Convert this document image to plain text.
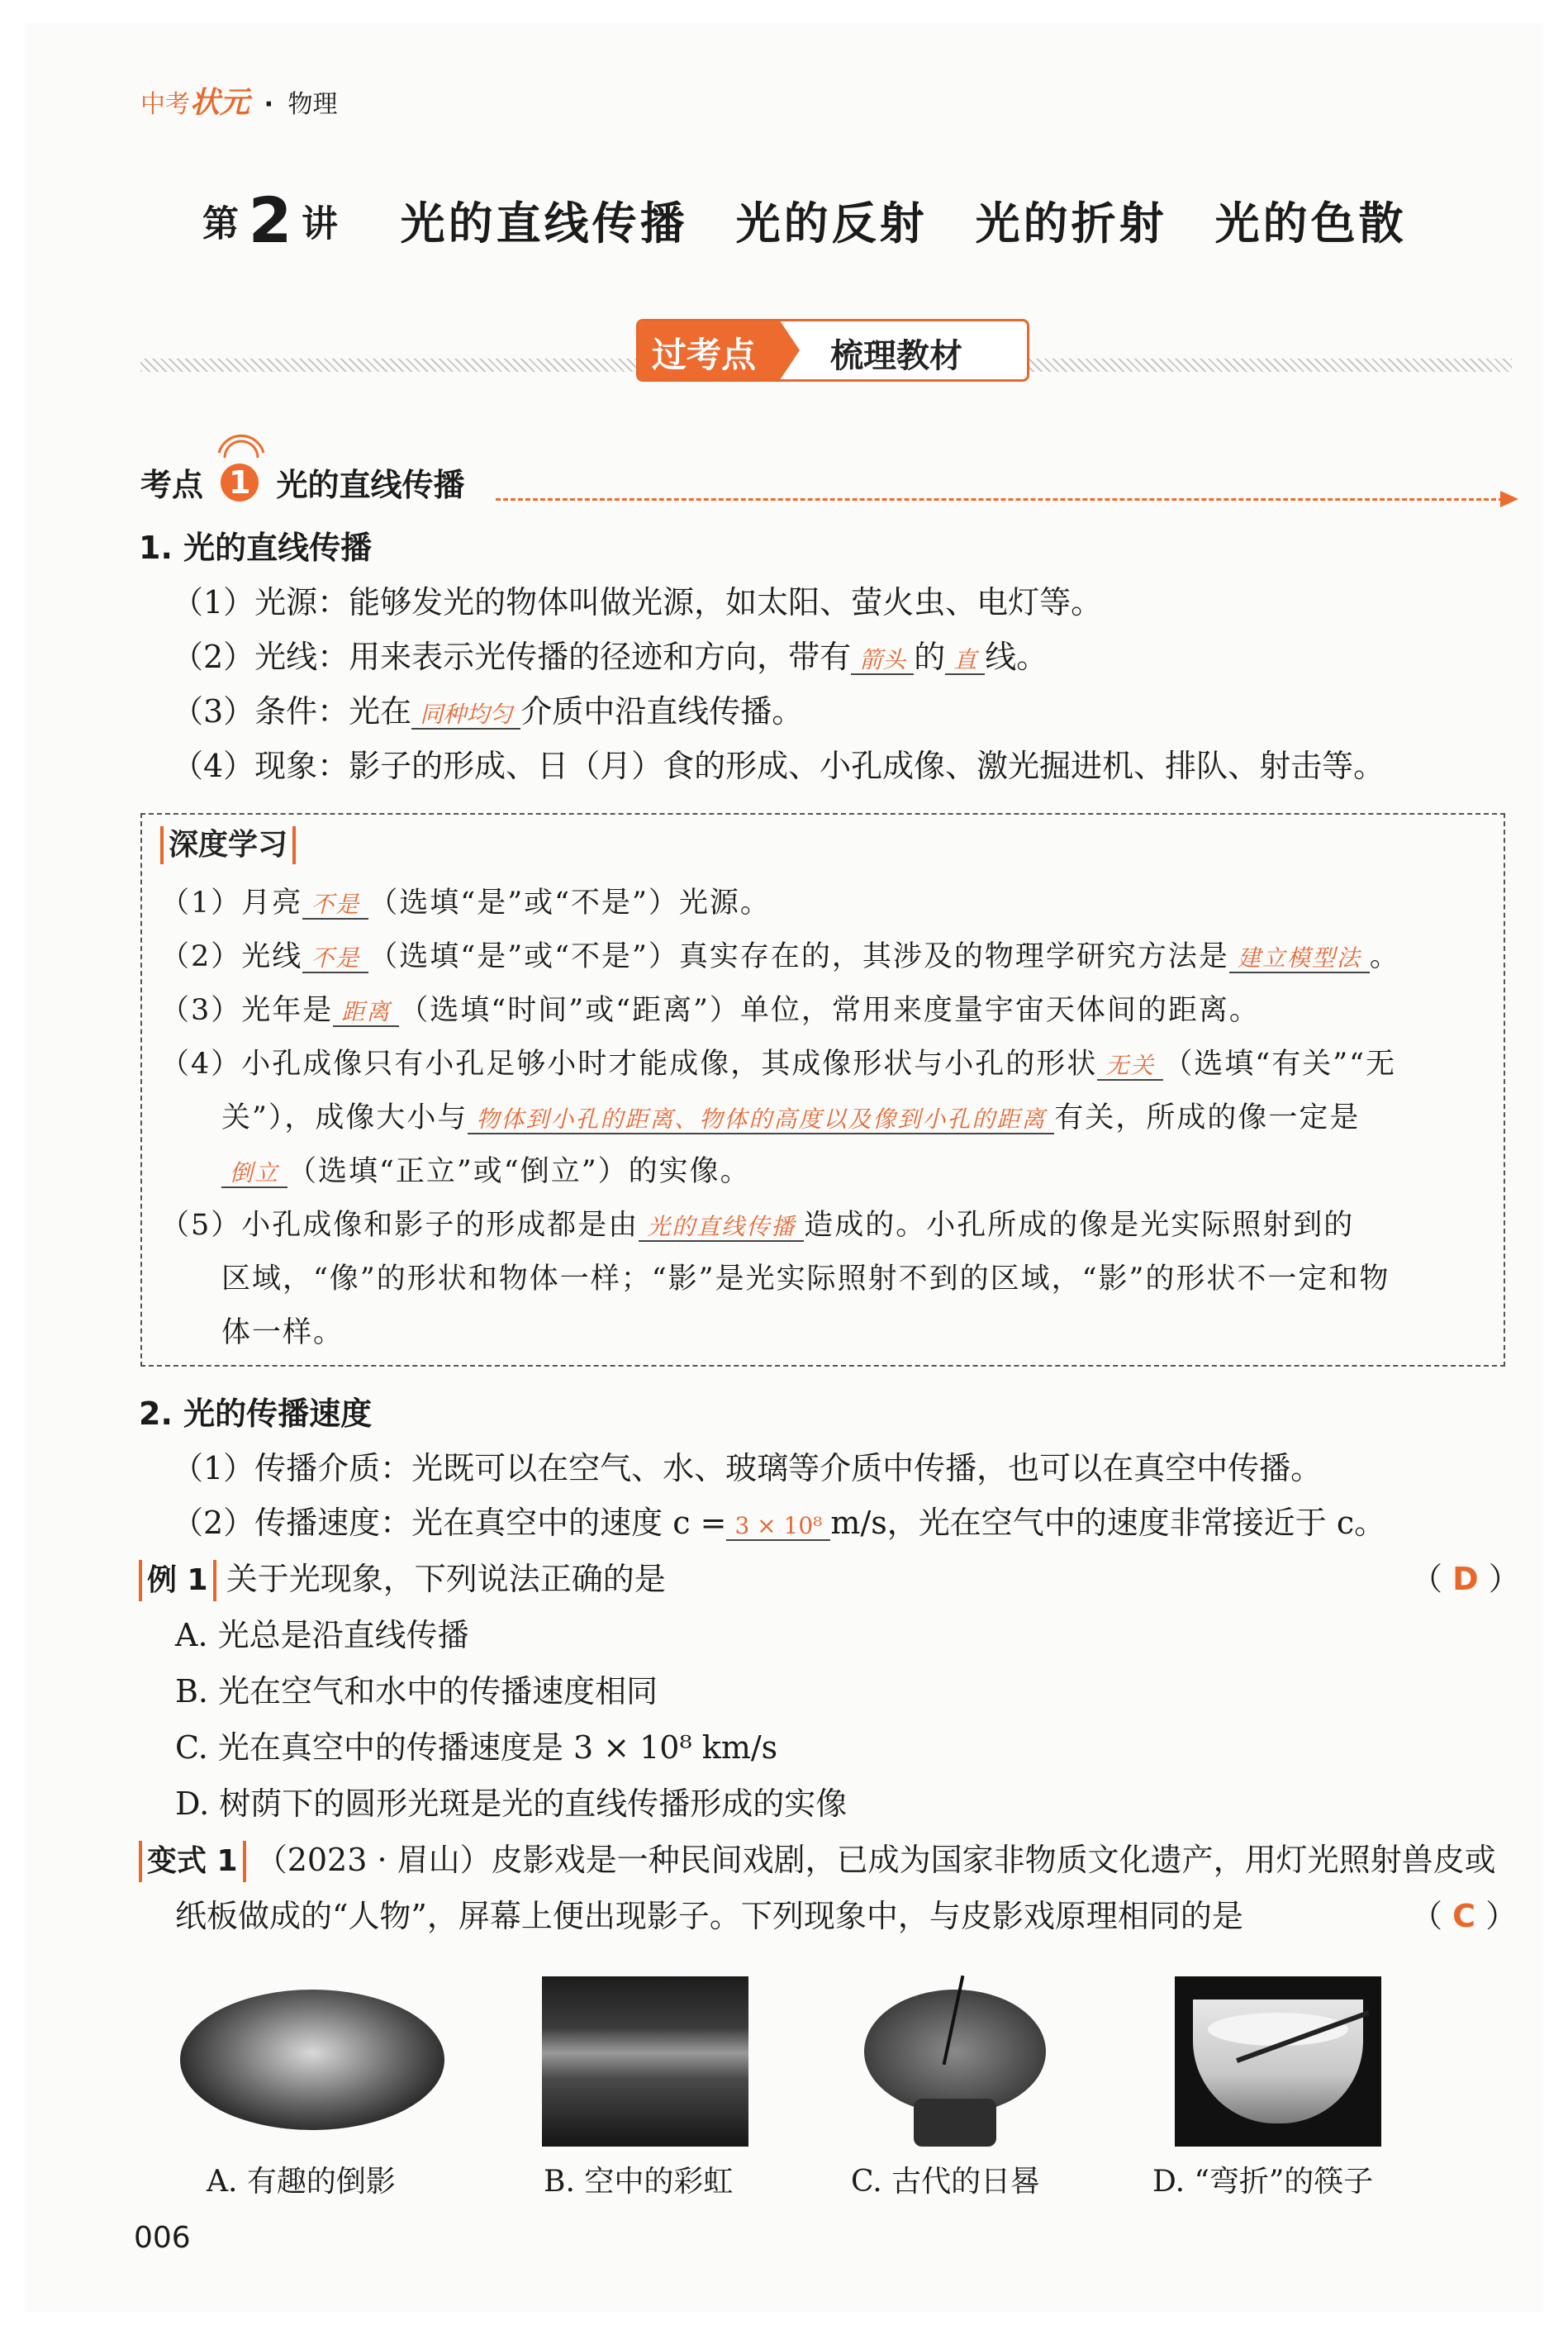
中考状元 · 物理
第 2 讲 光的直线传播　光的反射　光的折射　光的色散
过考点 梳理教材
考点 1 光的直线传播
1. 光的直线传播
（1）光源：能够发光的物体叫做光源，如太阳、萤火虫、电灯等。
（2）光线：用来表示光传播的径迹和方向，带有 箭头 的 直 线。
（3）条件：光在 同种均匀 介质中沿直线传播。
（4）现象：影子的形成、日（月）食的形成、小孔成像、激光掘进机、排队、射击等。
深度学习
（1）月亮 不是 （选填“是”或“不是”）光源。
（2）光线 不是 （选填“是”或“不是”）真实存在的，其涉及的物理学研究方法是 建立模型法 。
（3）光年是 距离 （选填“时间”或“距离”）单位，常用来度量宇宙天体间的距离。
（4）小孔成像只有小孔足够小时才能成像，其成像形状与小孔的形状 无关 （选填“有关”“无
关”），成像大小与 物体到小孔的距离、物体的高度以及像到小孔的距离 有关，所成的像一定是
倒立 （选填“正立”或“倒立”）的实像。
（5）小孔成像和影子的形成都是由 光的直线传播 造成的。小孔所成的像是光实际照射到的
区域，“像”的形状和物体一样；“影”是光实际照射不到的区域，“影”的形状不一定和物
体一样。
2. 光的传播速度
（1）传播介质：光既可以在空气、水、玻璃等介质中传播，也可以在真空中传播。
（2）传播速度：光在真空中的速度 c = 3 × 10⁸ m/s，光在空气中的速度非常接近于 c。
例 1 关于光现象，下列说法正确的是	（ D ）
A. 光总是沿直线传播
B. 光在空气和水中的传播速度相同
C. 光在真空中的传播速度是 3 × 10⁸ km/s
D. 树荫下的圆形光斑是光的直线传播形成的实像
变式 1 （2023 · 眉山）皮影戏是一种民间戏剧，已成为国家非物质文化遗产，用灯光照射兽皮或
纸板做成的“人物”，屏幕上便出现影子。下列现象中，与皮影戏原理相同的是	（ C ）
A. 有趣的倒影	B. 空中的彩虹	C. 古代的日晷	D. “弯折”的筷子
006
